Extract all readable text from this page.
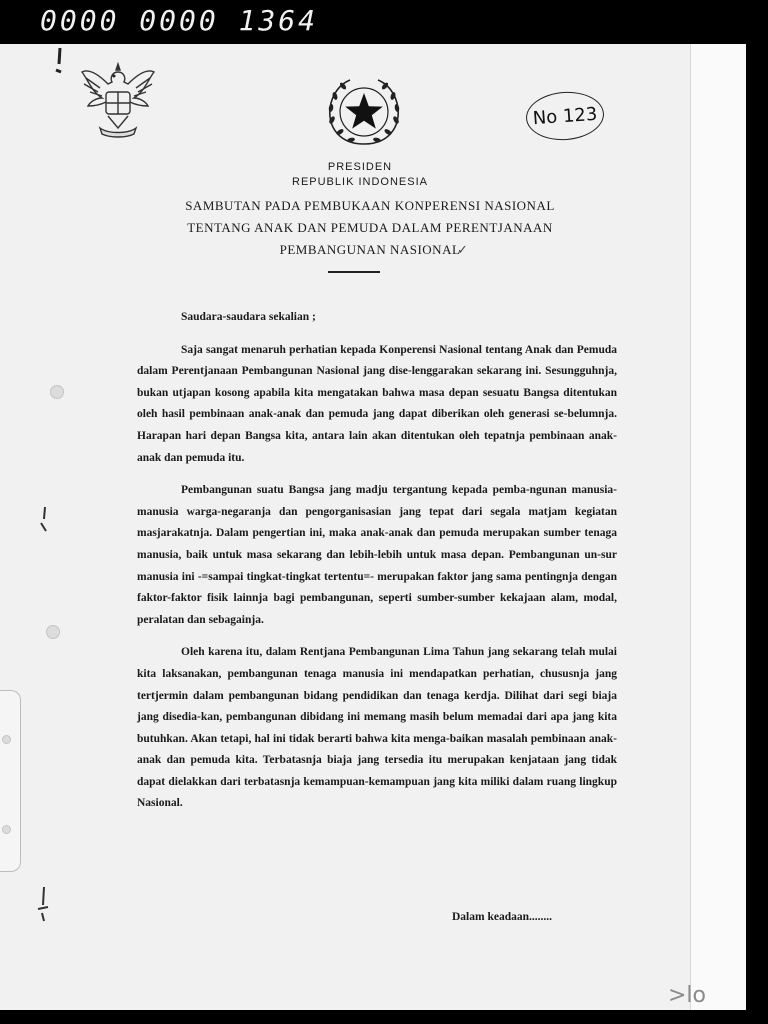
0000 0000 1364
No 123
PRESIDEN
REPUBLIK INDONESIA
SAMBUTAN PADA PEMBUKAAN KONPERENSI NASIONAL
TENTANG ANAK DAN PEMUDA DALAM PERENTJANAAN
PEMBANGUNAN NASIONAL
✓

Saudara-saudara sekalian ;

Saja sangat menaruh perhatian kepada Konperensi Nasional tentang Anak dan Pemuda dalam Perentjanaan Pembangunan Nasional jang dise-lenggarakan sekarang ini. Sesungguhnja, bukan utjapan kosong apabila kita mengatakan bahwa masa depan sesuatu Bangsa ditentukan oleh hasil pembinaan anak-anak dan pemuda jang dapat diberikan oleh generasi se-belumnja. Harapan hari depan Bangsa kita, antara lain akan ditentukan oleh tepatnja pembinaan anak-anak dan pemuda itu.

Pembangunan suatu Bangsa jang madju tergantung kepada pemba-ngunan manusia-manusia warga-negaranja dan pengorganisasian jang tepat dari segala matjam kegiatan masjarakatnja. Dalam pengertian ini, maka anak-anak dan pemuda merupakan sumber tenaga manusia, baik untuk masa sekarang dan lebih-lebih untuk masa depan. Pembangunan un-sur manusia ini -=sampai tingkat-tingkat tertentu=- merupakan faktor jang sama pentingnja dengan faktor-faktor fisik lainnja bagi pembangunan, seperti sumber-sumber kekajaan alam, modal, peralatan dan sebagainja.

Oleh karena itu, dalam Rentjana Pembangunan Lima Tahun jang sekarang telah mulai kita laksanakan, pembangunan tenaga manusia ini mendapatkan perhatian, chususnja jang tertjermin dalam pembangunan bidang pendidikan dan tenaga kerdja. Dilihat dari segi biaja jang disedia-kan, pembangunan dibidang ini memang masih belum memadai dari apa jang kita butuhkan. Akan tetapi, hal ini tidak berarti bahwa kita menga-baikan masalah pembinaan anak-anak dan pemuda kita. Terbatasnja biaja jang tersedia itu merupakan kenjataan jang tidak dapat dielakkan dari terbatasnja kemampuan-kemampuan jang kita miliki dalam ruang lingkup Nasional.

Dalam keadaan........
>lo
